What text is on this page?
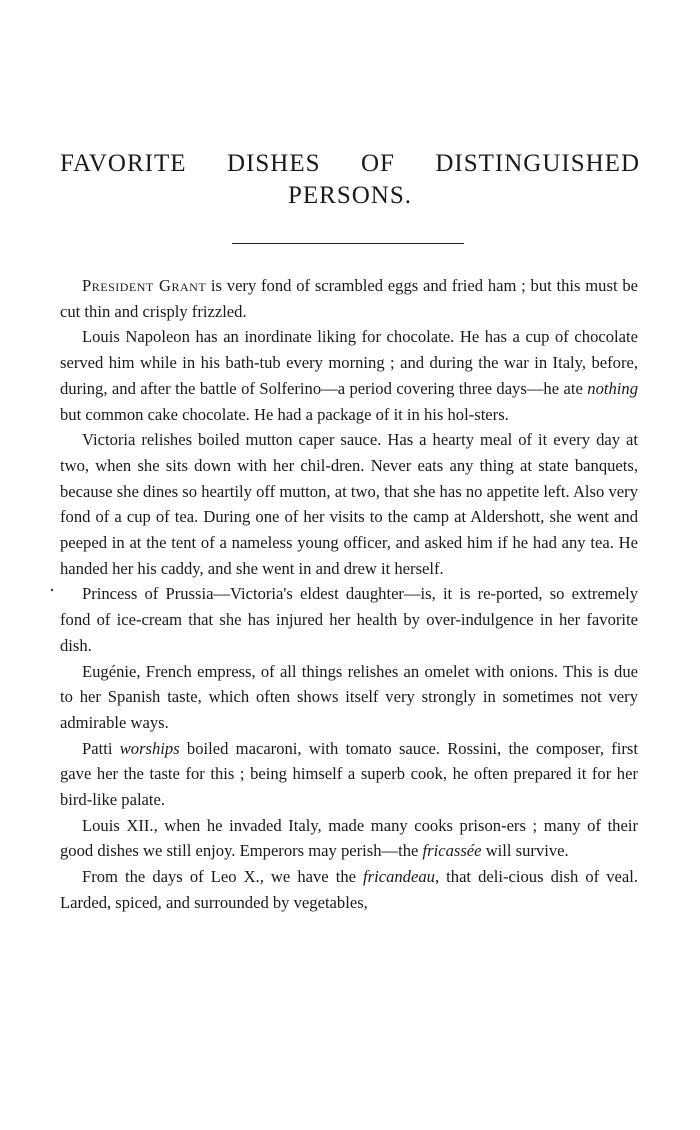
FAVORITE DISHES OF DISTINGUISHED
PERSONS.

President Grant is very fond of scrambled eggs and fried ham ; but this must be cut thin and crisply frizzled.

Louis Napoleon has an inordinate liking for chocolate. He has a cup of chocolate served him while in his bath-tub every morning ; and during the war in Italy, before, during, and after the battle of Solferino—a period covering three days—he ate nothing but common cake chocolate. He had a package of it in his hol-sters.

Victoria relishes boiled mutton caper sauce. Has a hearty meal of it every day at two, when she sits down with her chil-dren. Never eats any thing at state banquets, because she dines so heartily off mutton, at two, that she has no appetite left. Also very fond of a cup of tea. During one of her visits to the camp at Aldershott, she went and peeped in at the tent of a nameless young officer, and asked him if he had any tea. He handed her his caddy, and she went in and drew it herself.

Princess of Prussia—Victoria's eldest daughter—is, it is re-ported, so extremely fond of ice-cream that she has injured her health by over-indulgence in her favorite dish.

Eugénie, French empress, of all things relishes an omelet with onions. This is due to her Spanish taste, which often shows itself very strongly in sometimes not very admirable ways.

Patti worships boiled macaroni, with tomato sauce. Rossini, the composer, first gave her the taste for this ; being himself a superb cook, he often prepared it for her bird-like palate.

Louis XII., when he invaded Italy, made many cooks prison-ers ; many of their good dishes we still enjoy. Emperors may perish—the fricassée will survive.

From the days of Leo X., we have the fricandeau, that deli-cious dish of veal. Larded, spiced, and surrounded by vegetables,
